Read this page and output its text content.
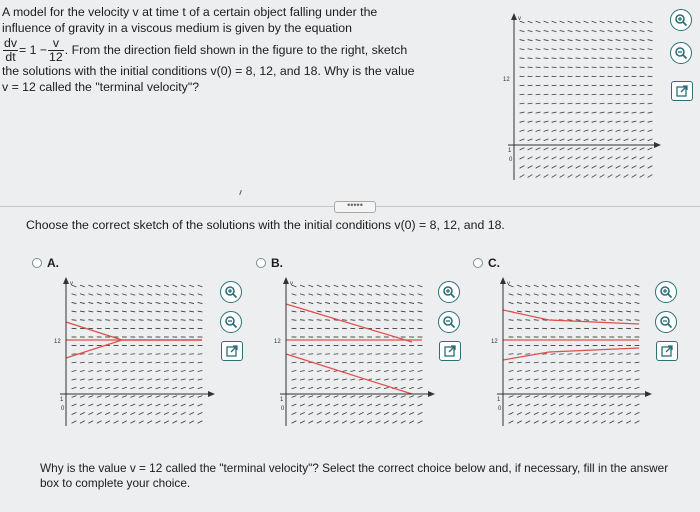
A model for the velocity v at time t of a certain object falling under the
influence of gravity in a viscous medium is given by the equation
$\frac{dv}{dt} = 1 - \frac{v}{12}$ . From the direction field shown in the figure to the right, sketch
the solutions with the initial conditions v(0) = 8, 12, and 18. Why is the value
v = 12 called the "terminal velocity"?
v
12
1
0
•••••
Choose the correct sketch of the solutions with the initial conditions v(0) = 8, 12, and 18.
A.	B.	C.
v
12
1
0
v
12
1
0
v
12
1
0
Why is the value v = 12 called the "terminal velocity"? Select the correct choice below and, if necessary, fill in the answer box to complete your choice.
